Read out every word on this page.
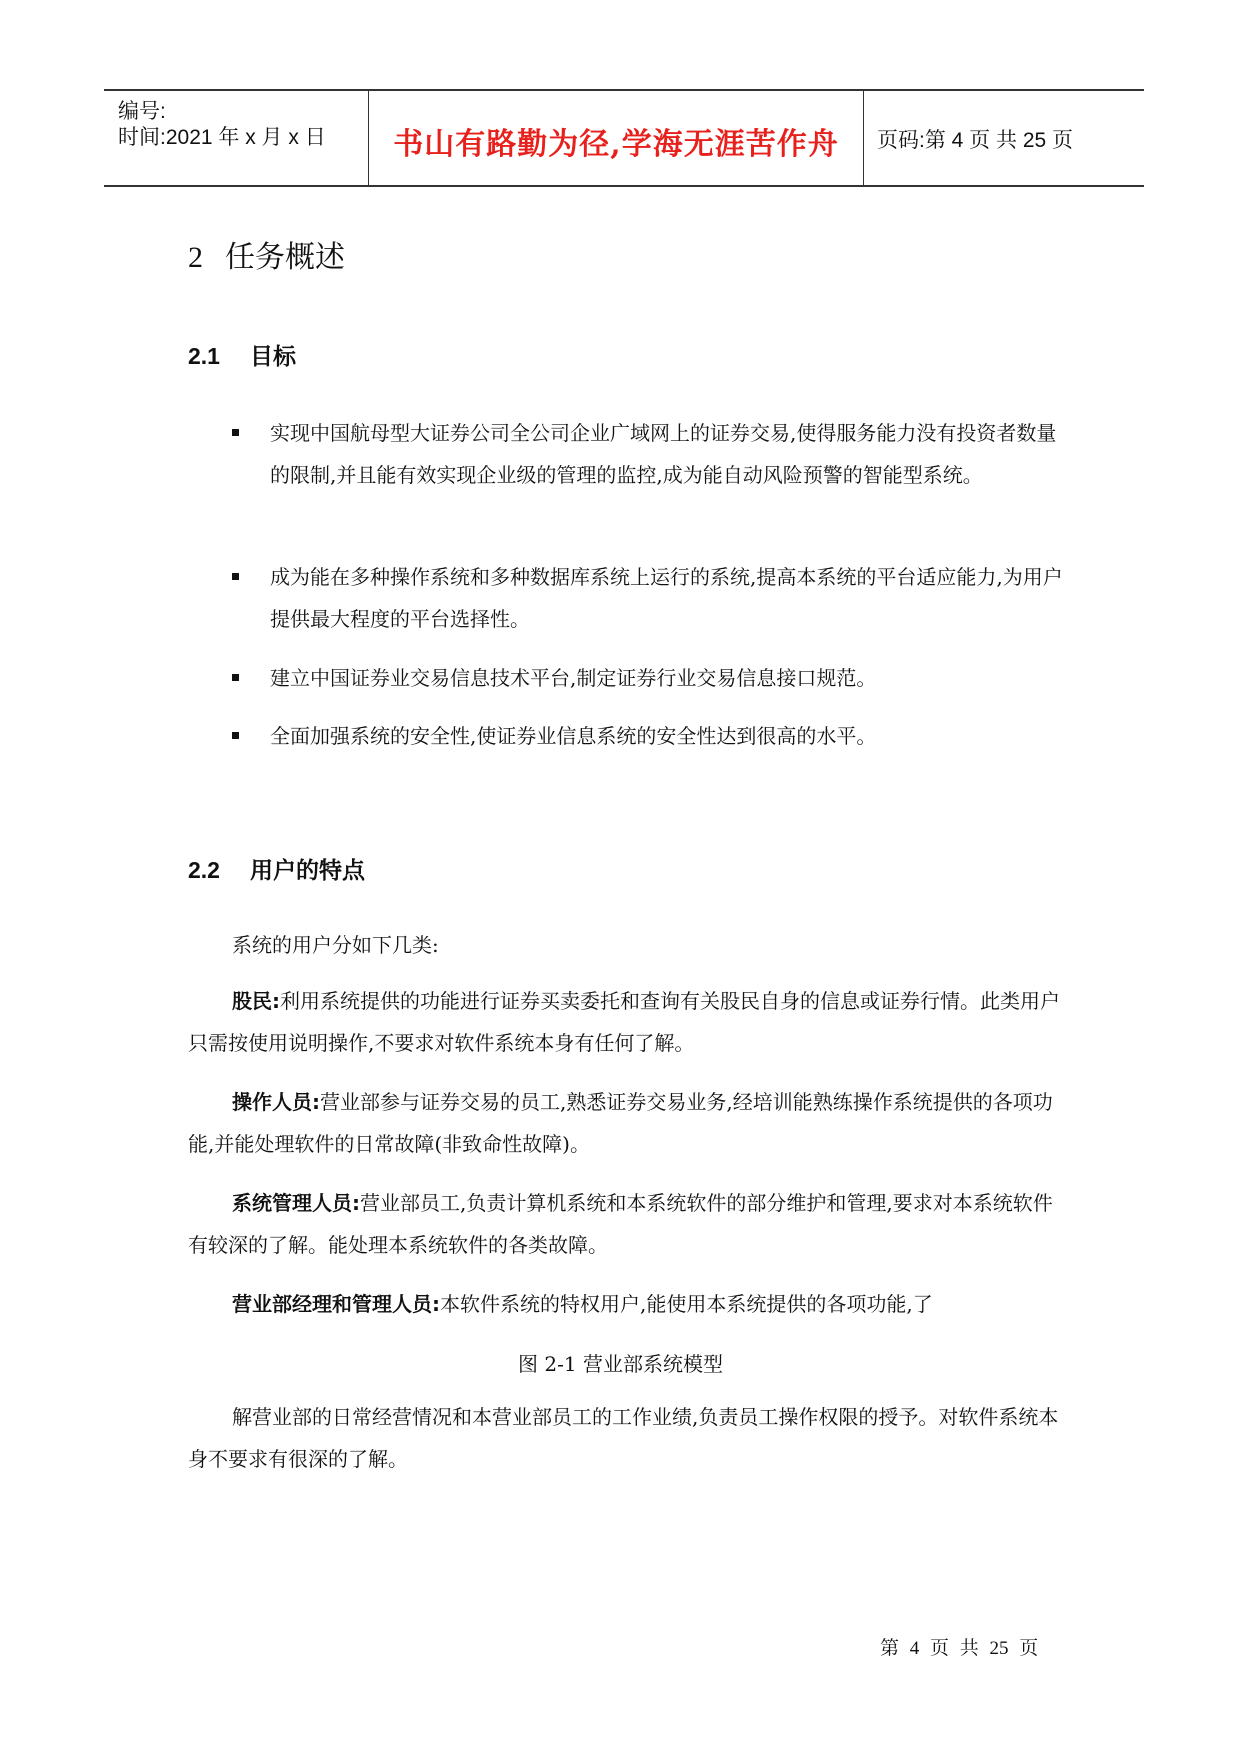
编号:
时间:2021 年 x 月 x 日	书山有路勤为径,学海无涯苦作舟	页码:第 4 页 共 25 页
2 任务概述
2.1 目标
实现中国航母型大证券公司全公司企业广域网上的证券交易,使得服务能力没有投资者数量的限制,并且能有效实现企业级的管理的监控,成为能自动风险预警的智能型系统。
成为能在多种操作系统和多种数据库系统上运行的系统,提高本系统的平台适应能力,为用户提供最大程度的平台选择性。
建立中国证券业交易信息技术平台,制定证券行业交易信息接口规范。
全面加强系统的安全性,使证券业信息系统的安全性达到很高的水平。
2.2 用户的特点
系统的用户分如下几类:
股民:利用系统提供的功能进行证券买卖委托和查询有关股民自身的信息或证券行情。此类用户只需按使用说明操作,不要求对软件系统本身有任何了解。
操作人员:营业部参与证券交易的员工,熟悉证券交易业务,经培训能熟练操作系统提供的各项功能,并能处理软件的日常故障(非致命性故障)。
系统管理人员:营业部员工,负责计算机系统和本系统软件的部分维护和管理,要求对本系统软件有较深的了解。能处理本系统软件的各类故障。
营业部经理和管理人员:本软件系统的特权用户,能使用本系统提供的各项功能,了
图 2-1 营业部系统模型
解营业部的日常经营情况和本营业部员工的工作业绩,负责员工操作权限的授予。对软件系统本身不要求有很深的了解。
第 4 页 共 25 页
